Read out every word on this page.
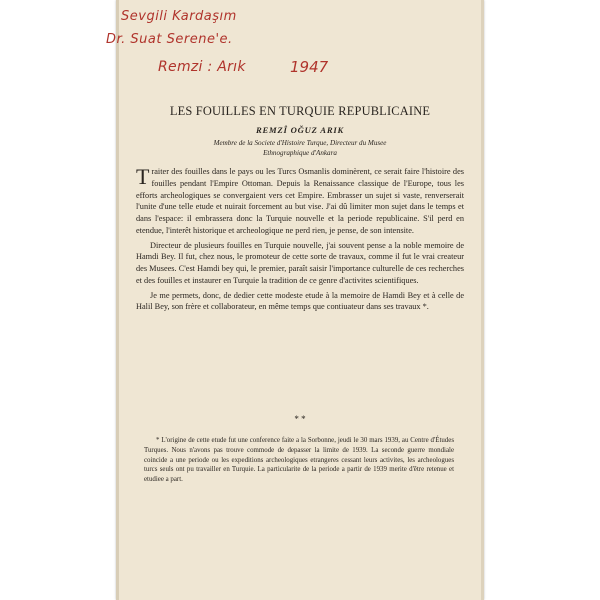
Sevgili Kardaşım
Dr. Suat Serene'e.
Remzi : Arık	1947
LES FOUILLES EN TURQUIE REPUBLICAINE
REMZÎ OĞUZ ARIK
Membre de la Societe d'Histoire Turque, Directeur du Musee
Ethnographique d'Ankara

Traiter des fouilles dans le pays ou les Turcs Osmanlis dominèrent, ce serait faire l'histoire des fouilles pendant l'Empire Ottoman. Depuis la Renaissance classique de l'Europe, tous les efforts archeologiques se convergaient vers cet Empire. Embrasser un sujet si vaste, renverserait l'unite d'une telle etude et nuirait forcement au but vise. J'ai dû limiter mon sujet dans le temps et dans l'espace: il embrassera donc la Turquie nouvelle et la periode republicaine. S'il perd en etendue, l'interêt historique et archeologique ne perd rien, je pense, de son intensite.

Directeur de plusieurs fouilles en Turquie nouvelle, j'ai souvent pense a la noble memoire de Hamdi Bey. Il fut, chez nous, le promoteur de cette sorte de travaux, comme il fut le vrai createur des Musees. C'est Hamdi bey qui, le premier, paraît saisir l'importance culturelle de ces recherches et des fouilles et instaurer en Turquie la tradition de ce genre d'activites scientifiques.

Je me permets, donc, de dedier cette modeste etude à la memoire de Hamdi Bey et à celle de Halil Bey, son frère et collaborateur, en même temps que contiuateur dans ses travaux *.

* *

* L'origine de cette etude fut une conference faite a la Sorbonne, jeudi le 30 mars 1939, au Centre d'Études Turques. Nous n'avons pas trouve commode de depasser la limite de 1939. La seconde guerre mondiale coincide a une periode ou les expeditions archeologiques etrangeres cessant leurs activites, les archeologues turcs seuls ont pu travailler en Turquie. La particularite de la periode a partir de 1939 merite d'être retenue et etudiee a part.
